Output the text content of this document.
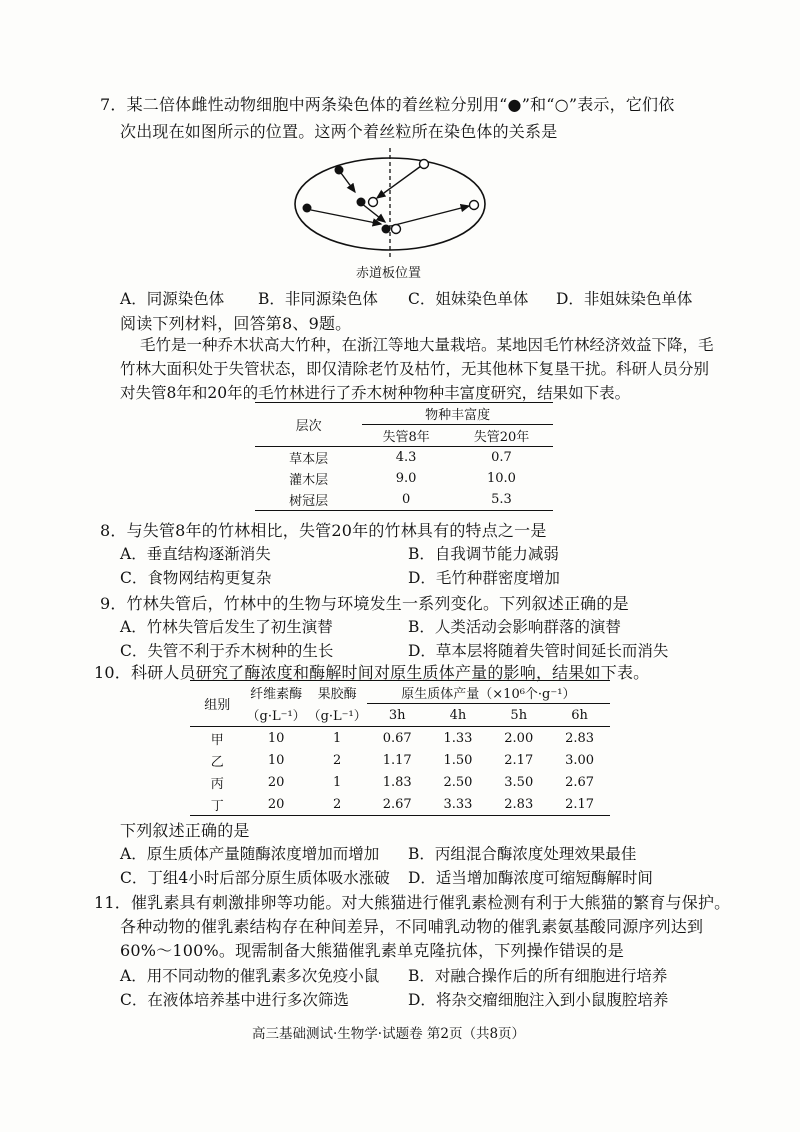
7．某二倍体雌性动物细胞中两条染色体的着丝粒分别用“●”和“○”表示，它们依
次出现在如图所示的位置。这两个着丝粒所在染色体的关系是
赤道板位置
A．同源染色体 B．非同源染色体 C．姐妹染色单体 D．非姐妹染色单体
阅读下列材料，回答第8、9题。
毛竹是一种乔木状高大竹种，在浙江等地大量栽培。某地因毛竹林经济效益下降，毛
竹林大面积处于失管状态，即仅清除老竹及枯竹，无其他林下复垦干扰。科研人员分别
对失管8年和20年的毛竹林进行了乔木树种物种丰富度研究，结果如下表。
层次	物种丰富度	
	失管8年	失管20年
草本层	4.3	0.7
灌木层	9.0	10.0
树冠层	0	5.3
8．与失管8年的竹林相比，失管20年的竹林具有的特点之一是
A．垂直结构逐渐消失	B．自我调节能力减弱
C．食物网结构更复杂	D．毛竹种群密度增加
9．竹林失管后，竹林中的生物与环境发生一系列变化。下列叙述正确的是
A．竹林失管后发生了初生演替	B．人类活动会影响群落的演替
C．失管不利于乔木树种的生长	D．草本层将随着失管时间延长而消失
10．科研人员研究了酶浓度和酶解时间对原生质体产量的影响，结果如下表。
组别	纤维素酶	果胶酶	原生质体产量（×10⁶个·g⁻¹）			
	（g·L⁻¹）	（g·L⁻¹）	3h	4h	5h	6h
甲	10	1	0.67	1.33	2.00	2.83
乙	10	2	1.17	1.50	2.17	3.00
丙	20	1	1.83	2.50	3.50	2.67
丁	20	2	2.67	3.33	2.83	2.17
下列叙述正确的是
A．原生质体产量随酶浓度增加而增加 B．丙组混合酶浓度处理效果最佳
C．丁组4小时后部分原生质体吸水涨破 D．适当增加酶浓度可缩短酶解时间
11．催乳素具有刺激排卵等功能。对大熊猫进行催乳素检测有利于大熊猫的繁育与保护。
各种动物的催乳素结构存在种间差异，不同哺乳动物的催乳素氨基酸同源序列达到
60%～100%。现需制备大熊猫催乳素单克隆抗体，下列操作错误的是
A．用不同动物的催乳素多次免疫小鼠 B．对融合操作后的所有细胞进行培养
C．在液体培养基中进行多次筛选	D．将杂交瘤细胞注入到小鼠腹腔培养
高三基础测试·生物学·试题卷 第2页（共8页）
